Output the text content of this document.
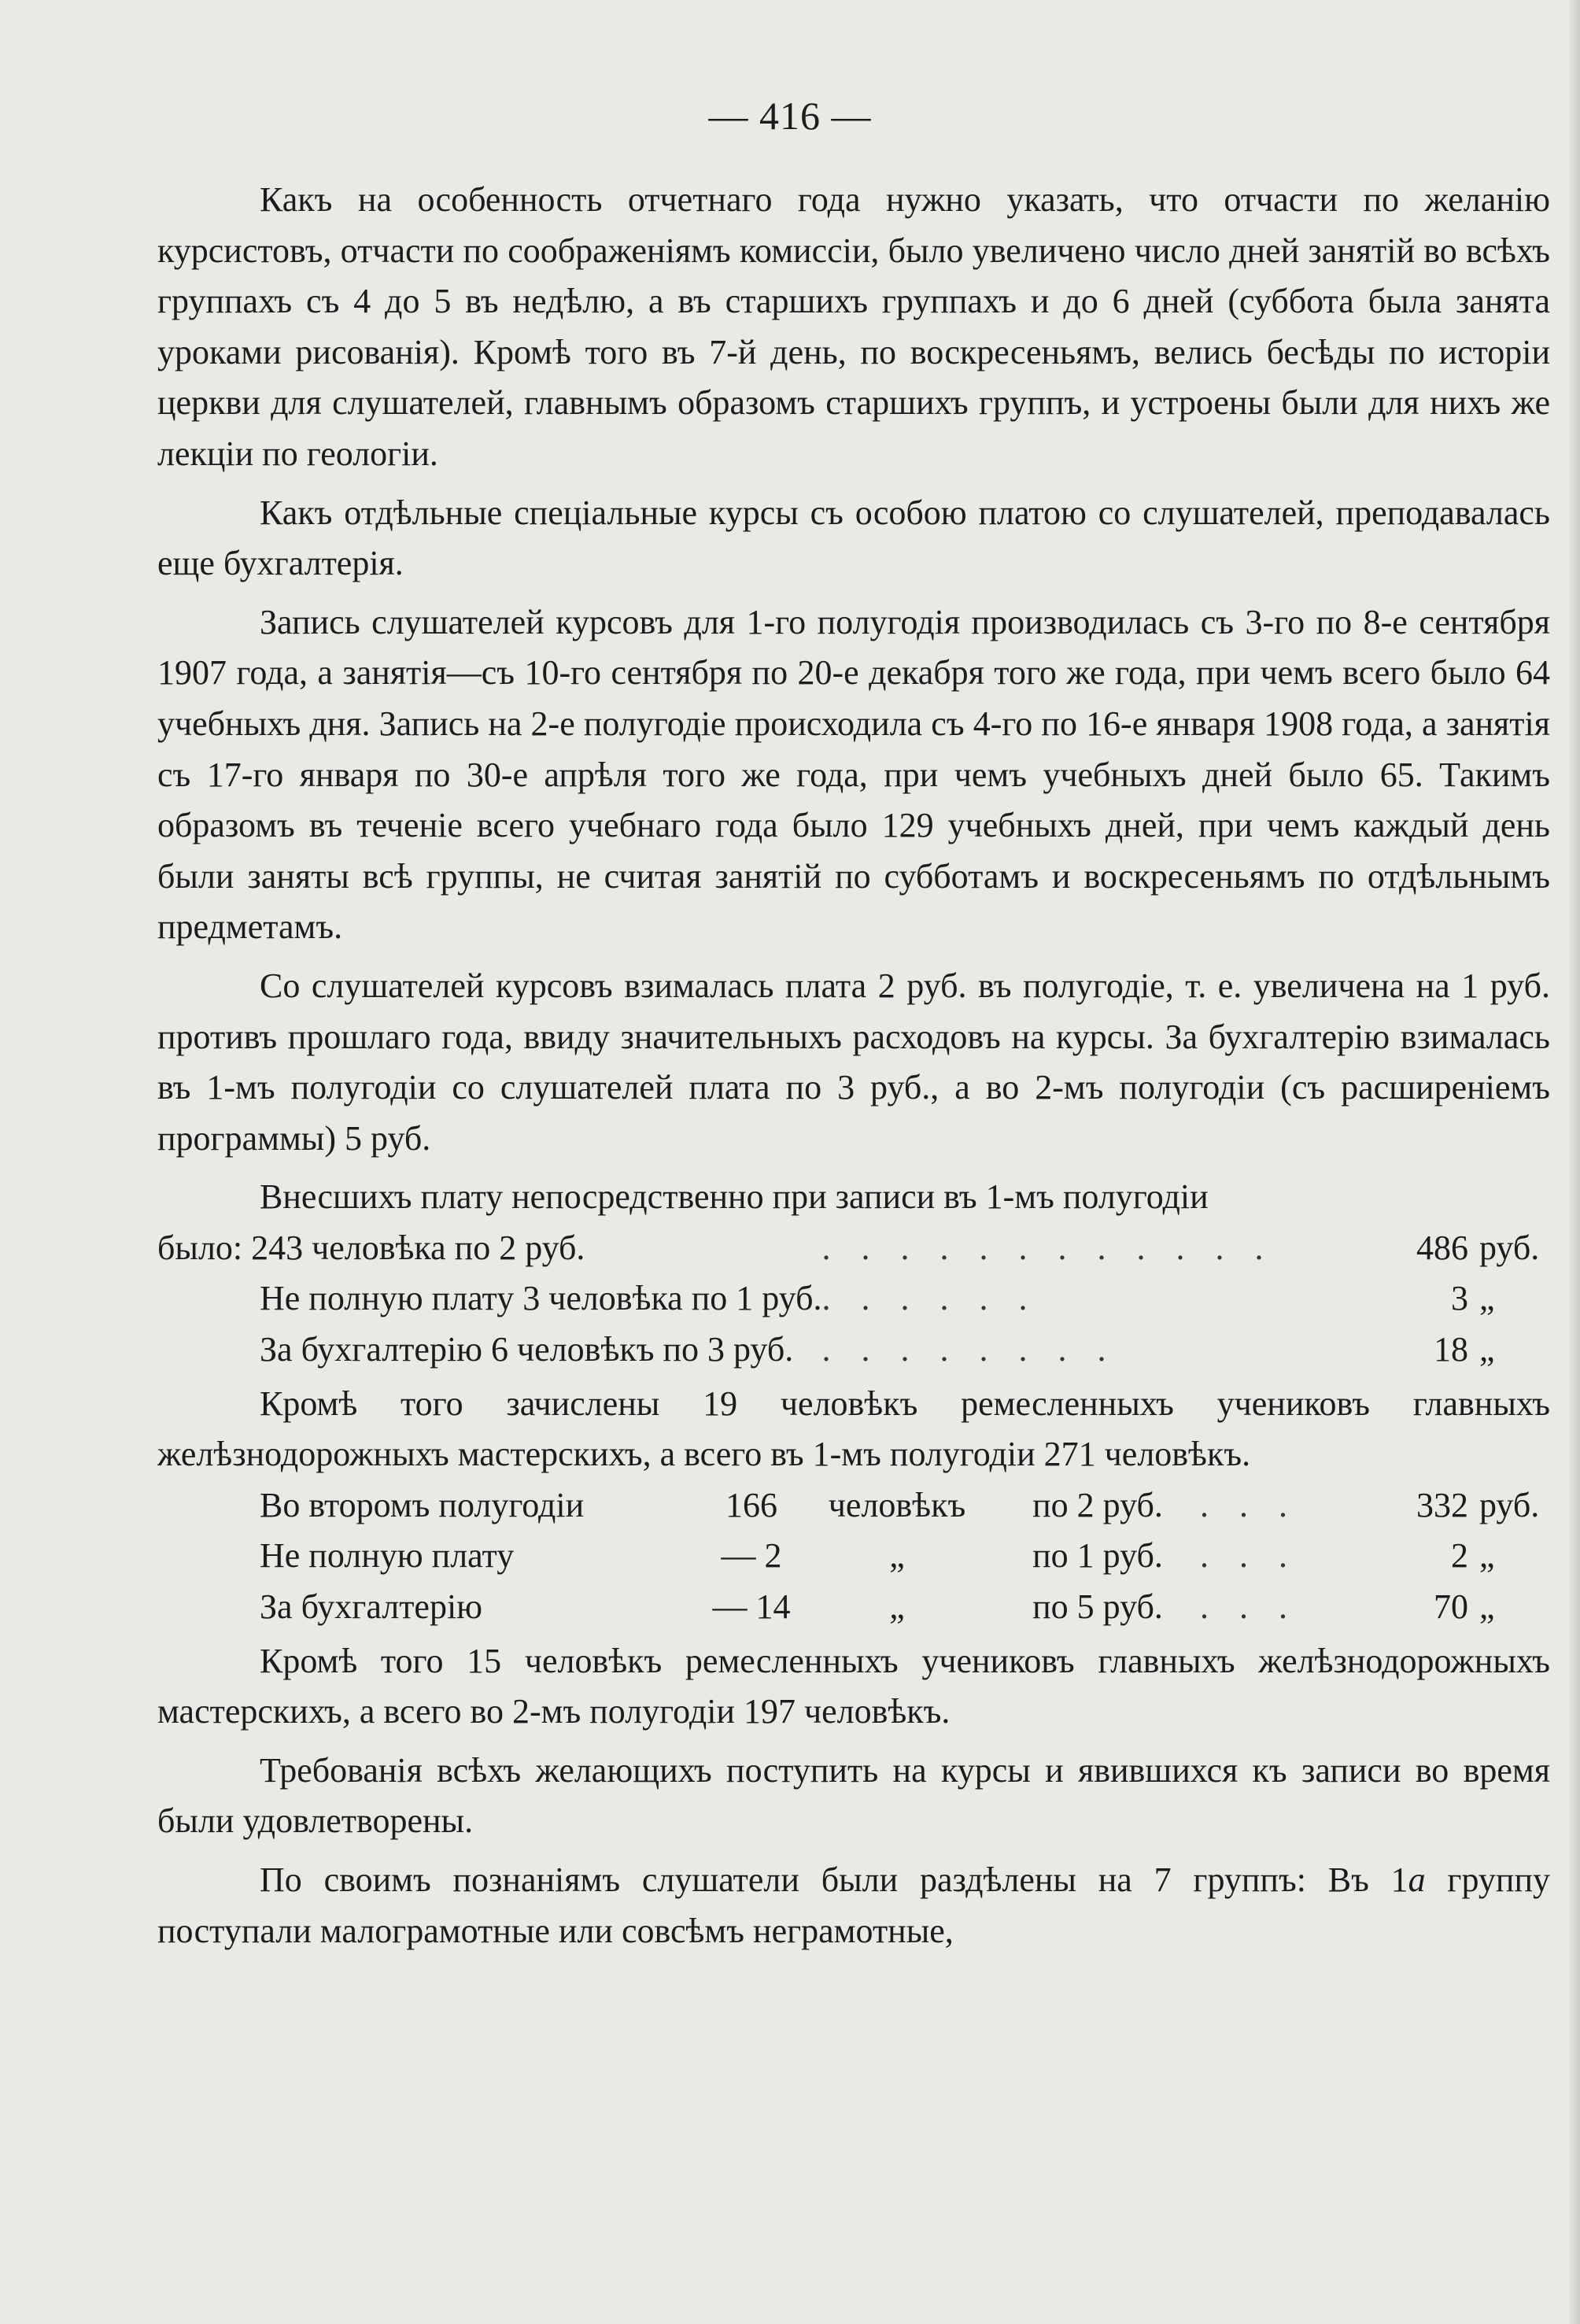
— 416 —

Какъ на особенность отчетнаго года нужно указать, что отчасти по желанію курсистовъ, отчасти по соображеніямъ комиссіи, было увеличено число дней занятій во всѣхъ группахъ съ 4 до 5 въ недѣлю, а въ старшихъ группахъ и до 6 дней (суббота была занята уроками рисованія). Кромѣ того въ 7-й день, по воскресеньямъ, велись бесѣды по исторіи церкви для слушателей, главнымъ образомъ старшихъ группъ, и устроены были для нихъ же лекціи по геологіи.

Какъ отдѣльные спеціальные курсы съ особою платою со слушателей, преподавалась еще бухгалтерія.

Запись слушателей курсовъ для 1-го полугодія производилась съ 3-го по 8-е сентября 1907 года, а занятія—съ 10-го сентября по 20-е декабря того же года, при чемъ всего было 64 учебныхъ дня. Запись на 2-е полугодіе происходила съ 4-го по 16-е января 1908 года, а занятія съ 17-го января по 30-е апрѣля того же года, при чемъ учебныхъ дней было 65. Такимъ образомъ въ теченіе всего учебнаго года было 129 учебныхъ дней, при чемъ каждый день были заняты всѣ группы, не считая занятій по субботамъ и воскресеньямъ по отдѣльнымъ предметамъ.

Со слушателей курсовъ взималась плата 2 руб. въ полугодіе, т. е. увеличена на 1 руб. противъ прошлаго года, ввиду значительныхъ расходовъ на курсы. За бухгалтерію взималась въ 1-мъ полугодіи со слушателей плата по 3 руб., а во 2-мъ полугодіи (съ расширеніемъ программы) 5 руб.

Внесшихъ плату непосредственно при записи въ 1-мъ полугодіи

было: 243 человѣка по 2 руб.	. . . . . . . . . . . .	486	руб.
Не полную плату 3 человѣка по 1 руб.	. . . . . .	3	„
За бухгалтерію 6 человѣкъ по 3 руб.	. . . . . . . .	18	„

Кромѣ того зачислены 19 человѣкъ ремесленныхъ учениковъ главныхъ желѣзнодорожныхъ мастерскихъ, а всего въ 1-мъ полугодіи 271 человѣкъ.

Во второмъ полугодіи	166	человѣкъ	по 2 руб.	. . .	332	руб.
Не полную плату	— 2	„	по 1 руб.	. . .	2	„
За бухгалтерію	— 14	„	по 5 руб.	. . .	70	„

Кромѣ того 15 человѣкъ ремесленныхъ учениковъ главныхъ желѣзнодорожныхъ мастерскихъ, а всего во 2-мъ полугодіи 197 человѣкъ.

Требованія всѣхъ желающихъ поступить на курсы и явившихся къ записи во время были удовлетворены.

По своимъ познаніямъ слушатели были раздѣлены на 7 группъ: Въ 1а группу поступали малограмотные или совсѣмъ неграмотные,
